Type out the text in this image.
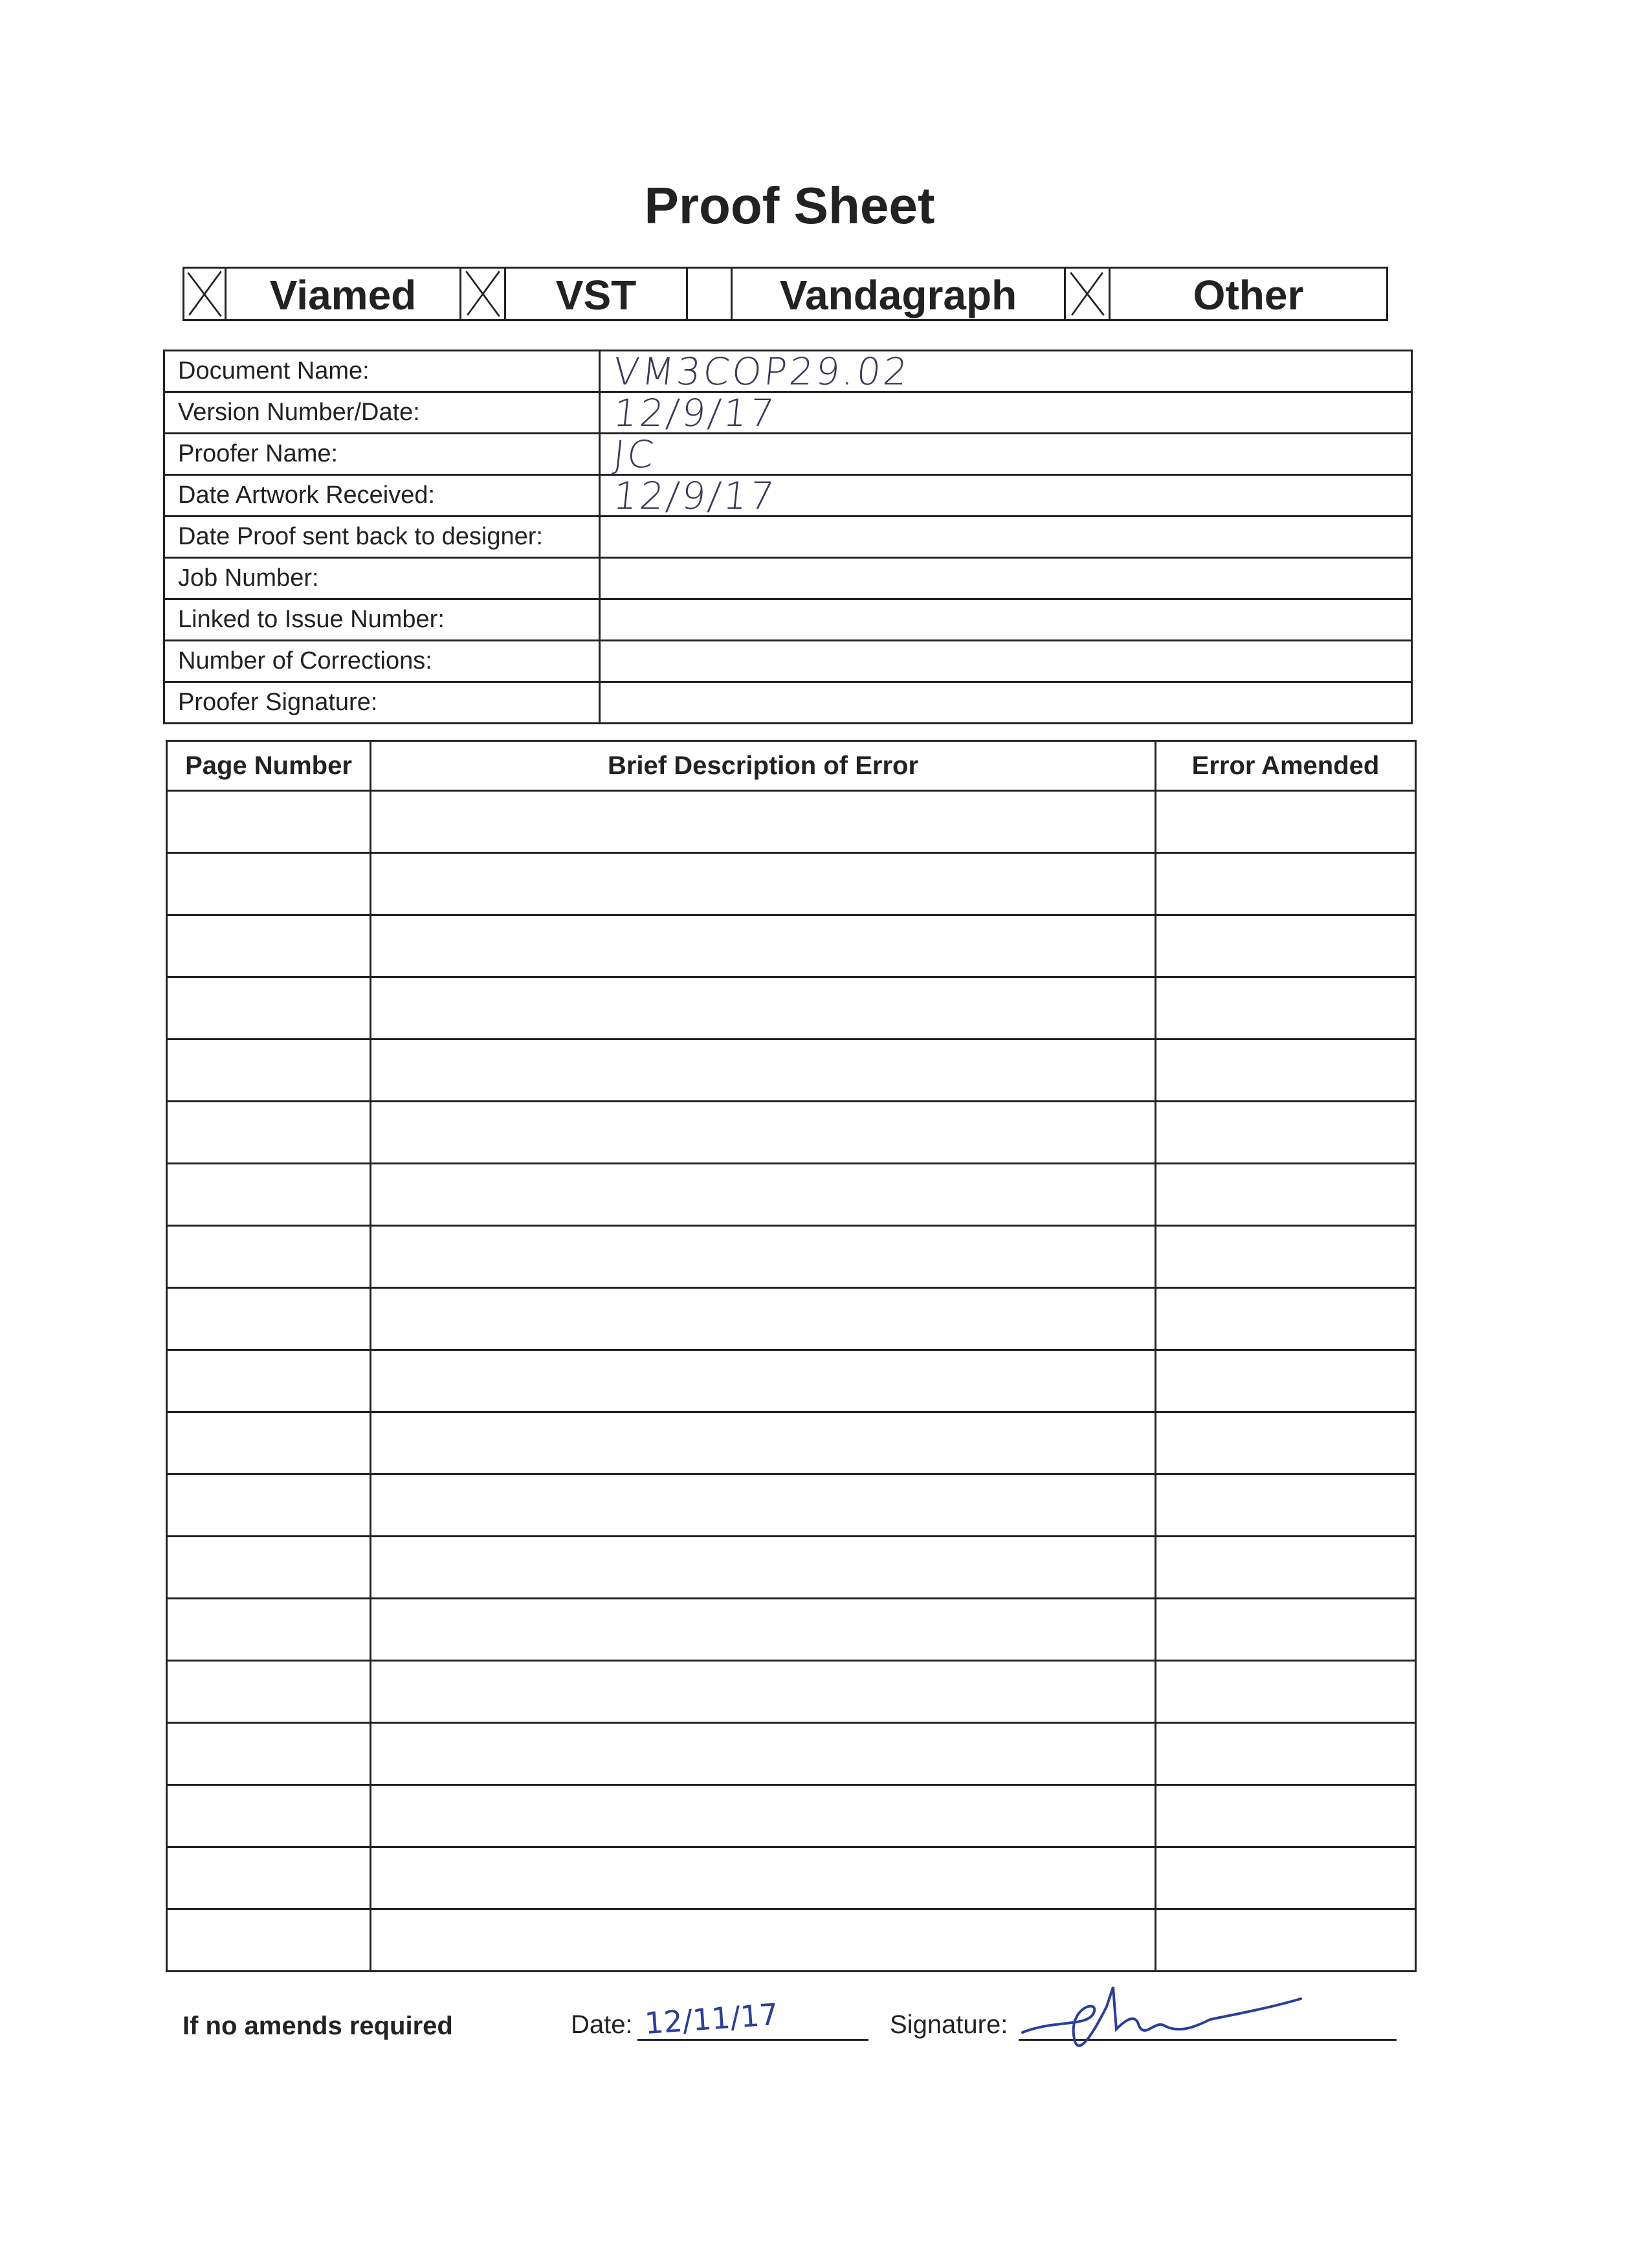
Proof Sheet
Viamed	VST	Vandagraph	Other
Document Name:	VM3COP29.02
Version Number/Date:	12/9/17
Proofer Name:	JC
Date Artwork Received:	12/9/17
Date Proof sent back to designer:	
Job Number:	
Linked to Issue Number:	
Number of Corrections:	
Proofer Signature:	
Page Number	Brief Description of Error	Error Amended

If no amends required	Date: 12/11/17	Signature:
